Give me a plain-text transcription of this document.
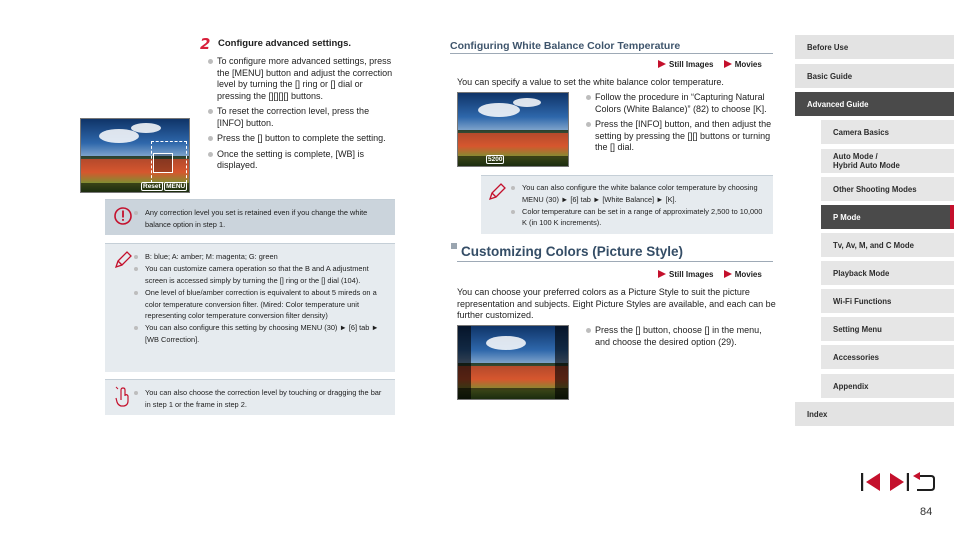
2 Configure advanced settings.
To configure more advanced settings, press the [MENU] button and adjust the correction level by turning the [] ring or [] dial or pressing the [][][][] buttons.
To reset the correction level, press the [INFO] button.
Press the [] button to complete the setting.
Once the setting is complete, [WB] is displayed.
Reset MENU
Any correction level you set is retained even if you change the white balance option in step 1.
B: blue; A: amber; M: magenta; G: green
You can customize camera operation so that the B and A adjustment screen is accessed simply by turning the [] ring or the [] dial (104).
One level of blue/amber correction is equivalent to about 5 mireds on a color temperature conversion filter. (Mired: Color temperature unit representing color temperature conversion filter density)
You can also configure this setting by choosing MENU (30) ► [6] tab ► [WB Correction].
You can also choose the correction level by touching or dragging the bar in step 1 or the frame in step 2.
Configuring White Balance Color Temperature
Still Images	Movies
You can specify a value to set the white balance color temperature.
5200
Follow the procedure in “Capturing Natural Colors (White Balance)” (82) to choose [K].
Press the [INFO] button, and then adjust the setting by pressing the [][] buttons or turning the [] dial.
You can also configure the white balance color temperature by choosing MENU (30) ► [6] tab ► [White Balance] ► [K].
Color temperature can be set in a range of approximately 2,500 to 10,000 K (in 100 K increments).
Customizing Colors (Picture Style)
Still Images	Movies
You can choose your preferred colors as a Picture Style to suit the picture representation and subjects. Eight Picture Styles are available, and each can be further customized.
Press the [] button, choose [] in the menu, and choose the desired option (29).
Before Use
Basic Guide
Advanced Guide
Camera Basics
Auto Mode /
Hybrid Auto Mode
Other Shooting Modes
P Mode
Tv, Av, M, and C Mode
Playback Mode
Wi-Fi Functions
Setting Menu
Accessories
Appendix
Index
84
